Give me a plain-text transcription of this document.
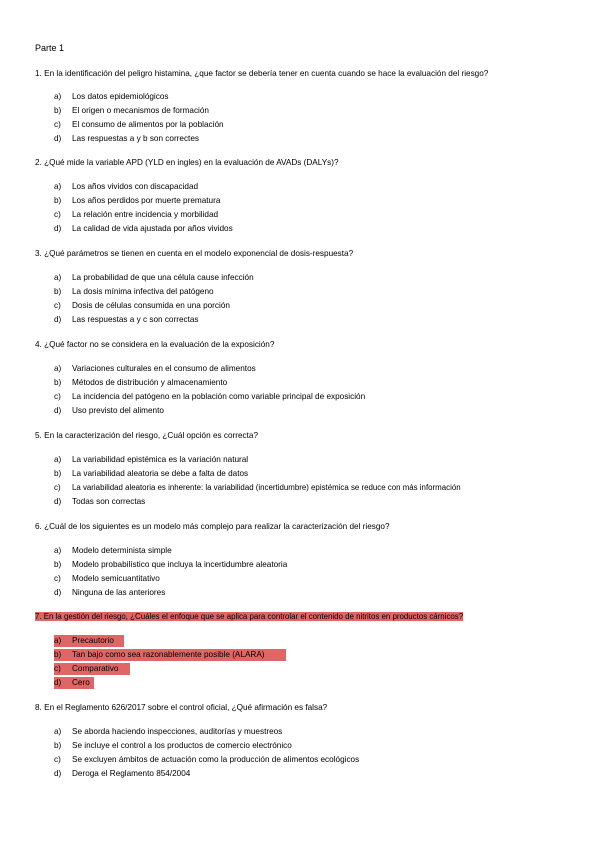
Parte 1
1. En la identificación del peligro histamina, ¿que factor se debería tener en cuenta cuando se hace la evaluación del riesgo?
a) Los datos epidemiológicos
b) El origen o mecanismos de formación
c) El consumo de alimentos por la población
d) Las respuestas a y b son correctes
2. ¿Qué mide la variable APD (YLD en ingles) en la evaluación de AVADs (DALYs)?
a) Los años vividos con discapacidad
b) Los años perdidos por muerte prematura
c) La relación entre incidencia y morbilidad
d) La calidad de vida ajustada por años vividos
3. ¿Qué parámetros se tienen en cuenta en el modelo exponencial de dosis-respuesta?
a) La probabilidad de que una célula cause infección
b) La dosis mínima infectiva del patógeno
c) Dosis de células consumida en una porción
d) Las respuestas a y c son correctas
4. ¿Qué factor no se considera en la evaluación de la exposición?
a) Variaciones culturales en el consumo de alimentos
b) Métodos de distribución y almacenamiento
c) La incidencia del patógeno en la población como variable principal de exposición
d) Uso previsto del alimento
5. En la caracterización del riesgo, ¿Cuál opción es correcta?
a) La variabilidad epistémica es la variación natural
b) La variabilidad aleatoria se debe a falta de datos
c) La variabilidad aleatoria es inherente: la variabilidad (incertidumbre) epistémica se reduce con más información
d) Todas son correctas
6. ¿Cuál de los siguientes es un modelo más complejo para realizar la caracterización del riesgo?
a) Modelo determinista simple
b) Modelo probabilístico que incluya la incertidumbre aleatoria
c) Modelo semicuantitativo
d) Ninguna de las anteriores
7. En la gestión del riesgo, ¿Cuáles el enfoque que se aplica para controlar el contenido de nitritos en productos cárnicos?
a) Precautorio
b) Tan bajo como sea razonablemente posible (ALARA)
c) Comparativo
d) Cero
8. En el Reglamento 626/2017 sobre el control oficial, ¿Qué afirmación es falsa?
a) Se aborda haciendo inspecciones, auditorías y muestreos
b) Se incluye el control a los productos de comercio electrónico
c) Se excluyen ámbitos de actuación como la producción de alimentos ecológicos
d) Deroga el Reglamento 854/2004
